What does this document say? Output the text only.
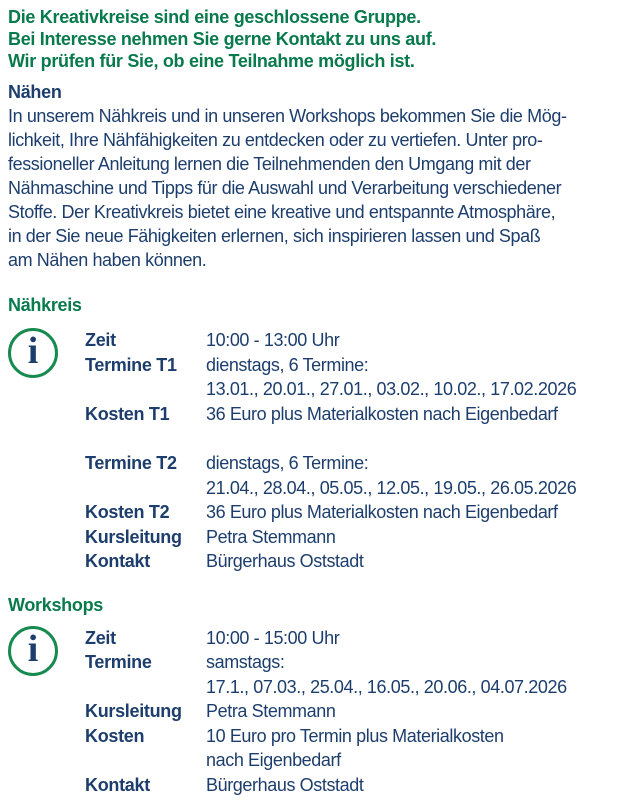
Die Kreativkreise sind eine geschlossene Gruppe.
Bei Interesse nehmen Sie gerne Kontakt zu uns auf.
Wir prüfen für Sie, ob eine Teilnahme möglich ist.
Nähen
In unserem Nähkreis und in unseren Workshops bekommen Sie die Mög-
lichkeit, Ihre Nähfähigkeiten zu entdecken oder zu vertiefen. Unter pro-
fessioneller Anleitung lernen die Teilnehmenden den Umgang mit der
Nähmaschine und Tipps für die Auswahl und Verarbeitung verschiedener
Stoffe. Der Kreativkreis bietet eine kreative und entspannte Atmosphäre,
in der Sie neue Fähigkeiten erlernen, sich inspirieren lassen und Spaß
am Nähen haben können.
Nähkreis
i	Zeit	10:00 - 13:00 Uhr
Termine T1	dienstags, 6 Termine:
13.01., 20.01., 27.01., 03.02., 10.02., 17.02.2026
Kosten T1	36 Euro plus Materialkosten nach Eigenbedarf
Termine T2	dienstags, 6 Termine:
21.04., 28.04., 05.05., 12.05., 19.05., 26.05.2026
Kosten T2	36 Euro plus Materialkosten nach Eigenbedarf
Kursleitung	Petra Stemmann
Kontakt	Bürgerhaus Oststadt
Workshops
i	Zeit	10:00 - 15:00 Uhr
Termine	samstags:
17.1., 07.03., 25.04., 16.05., 20.06., 04.07.2026
Kursleitung	Petra Stemmann
Kosten	10 Euro pro Termin plus Materialkosten
nach Eigenbedarf
Kontakt	Bürgerhaus Oststadt
